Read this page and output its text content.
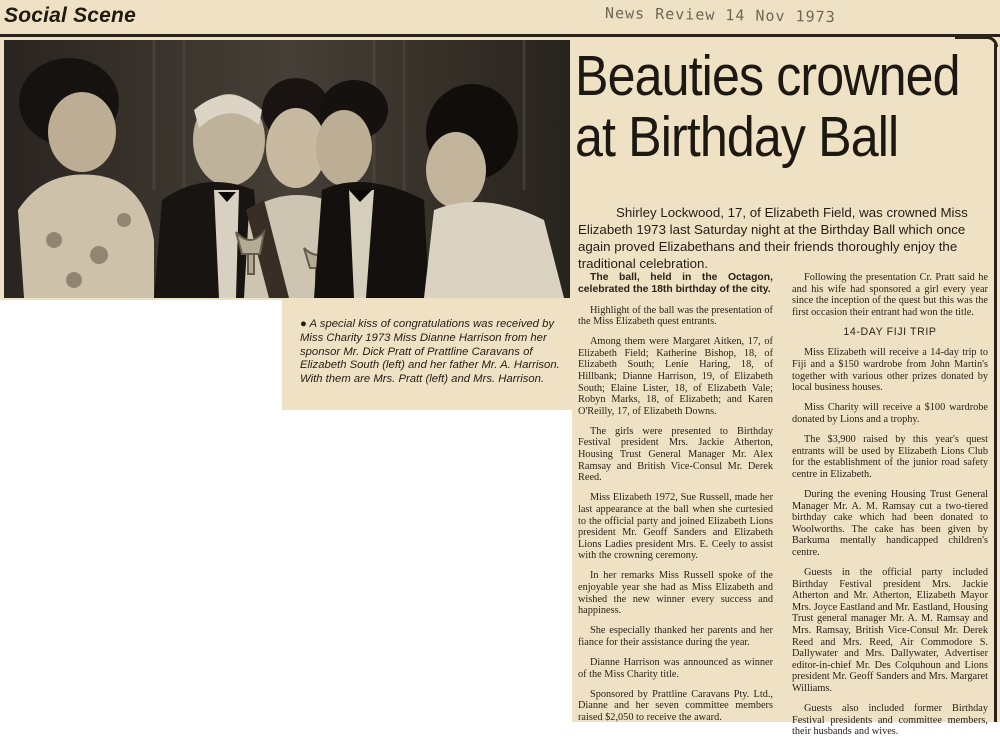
Social Scene	News Review 14 Nov 1973
Beauties crowned
at Birthday Ball
Shirley Lockwood, 17, of Elizabeth Field, was crowned Miss Elizabeth 1973 last Saturday night at the Birthday Ball which once again proved Elizabethans and their friends thoroughly enjoy the traditional celebration.
● A special kiss of congratulations was received by Miss Charity 1973 Miss Dianne Harrison from her sponsor Mr. Dick Pratt of Prattline Caravans of Elizabeth South (left) and her father Mr. A. Harrison. With them are Mrs. Pratt (left) and Mrs. Harrison.

The ball, held in the Octagon, celebrated the 18th birthday of the city.

Highlight of the ball was the presentation of the Miss Elizabeth quest entrants.

Among them were Margaret Aitken, 17, of Elizabeth Field; Katherine Bishop, 18, of Elizabeth South; Lenie Haring, 18, of Hillbank; Dianne Harrison, 19, of Elizabeth South; Elaine Lister, 18, of Elizabeth Vale; Robyn Marks, 18, of Elizabeth; and Karen O'Reilly, 17, of Elizabeth Downs.

The girls were presented to Birthday Festival president Mrs. Jackie Atherton, Housing Trust General Manager Mr. Alex Ramsay and British Vice-Consul Mr. Derek Reed.

Miss Elizabeth 1972, Sue Russell, made her last appearance at the ball when she curtesied to the official party and joined Elizabeth Lions president Mr. Geoff Sanders and Elizabeth Lions Ladies president Mrs. E. Ceely to assist with the crowning ceremony.

In her remarks Miss Russell spoke of the enjoyable year she had as Miss Elizabeth and wished the new winner every success and happiness.

She especially thanked her parents and her fiance for their assistance during the year.

Dianne Harrison was announced as winner of the Miss Charity title.

Sponsored by Prattline Caravans Pty. Ltd., Dianne and her seven committee members raised $2,050 to receive the award.

Following the presentation Cr. Pratt said he and his wife had sponsored a girl every year since the inception of the quest but this was the first occasion their entrant had won the title.

14-DAY FIJI TRIP

Miss Elizabeth will receive a 14-day trip to Fiji and a $150 wardrobe from John Martin's together with various other prizes donated by local business houses.

Miss Charity will receive a $100 wardrobe donated by Lions and a trophy.

The $3,900 raised by this year's quest entrants will be used by Elizabeth Lions Club for the establishment of the junior road safety centre in Elizabeth.

During the evening Housing Trust General Manager Mr. A. M. Ramsay cut a two-tiered birthday cake which had been donated to Woolworths. The cake has been given by Barkuma mentally handicapped children's centre.

Guests in the official party included Birthday Festival president Mrs. Jackie Atherton and Mr. Atherton, Elizabeth Mayor Mrs. Joyce Eastland and Mr. Eastland, Housing Trust general manager Mr. A. M. Ramsay and Mrs. Ramsay, British Vice-Consul Mr. Derek Reed and Mrs. Reed, Air Commodore S. Dallywater and Mrs. Dallywater, Advertiser editor-in-chief Mr. Des Colquhoun and Lions president Mr. Geoff Sanders and Mrs. Margaret Williams.

Guests also included former Birthday Festival presidents and committee members, their husbands and wives.
